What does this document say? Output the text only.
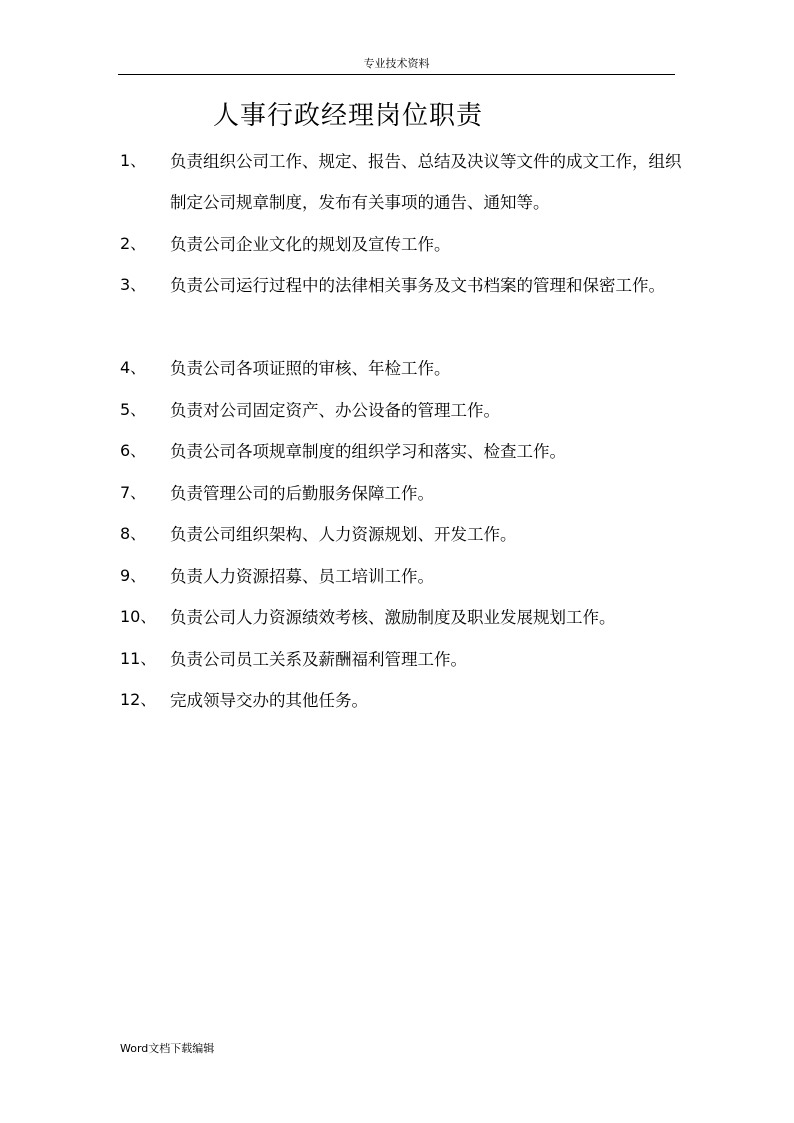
专业技术资料
人事行政经理岗位职责
1、 负责组织公司工作、规定、报告、总结及决议等文件的成文工作，组织制定公司规章制度，发布有关事项的通告、通知等。
2、 负责公司企业文化的规划及宣传工作。
3、 负责公司运行过程中的法律相关事务及文书档案的管理和保密工作。
4、 负责公司各项证照的审核、年检工作。
5、 负责对公司固定资产、办公设备的管理工作。
6、 负责公司各项规章制度的组织学习和落实、检查工作。
7、 负责管理公司的后勤服务保障工作。
8、 负责公司组织架构、人力资源规划、开发工作。
9、 负责人力资源招募、员工培训工作。
10、 负责公司人力资源绩效考核、激励制度及职业发展规划工作。
11、 负责公司员工关系及薪酬福利管理工作。
12、 完成领导交办的其他任务。
Word文档下载编辑
